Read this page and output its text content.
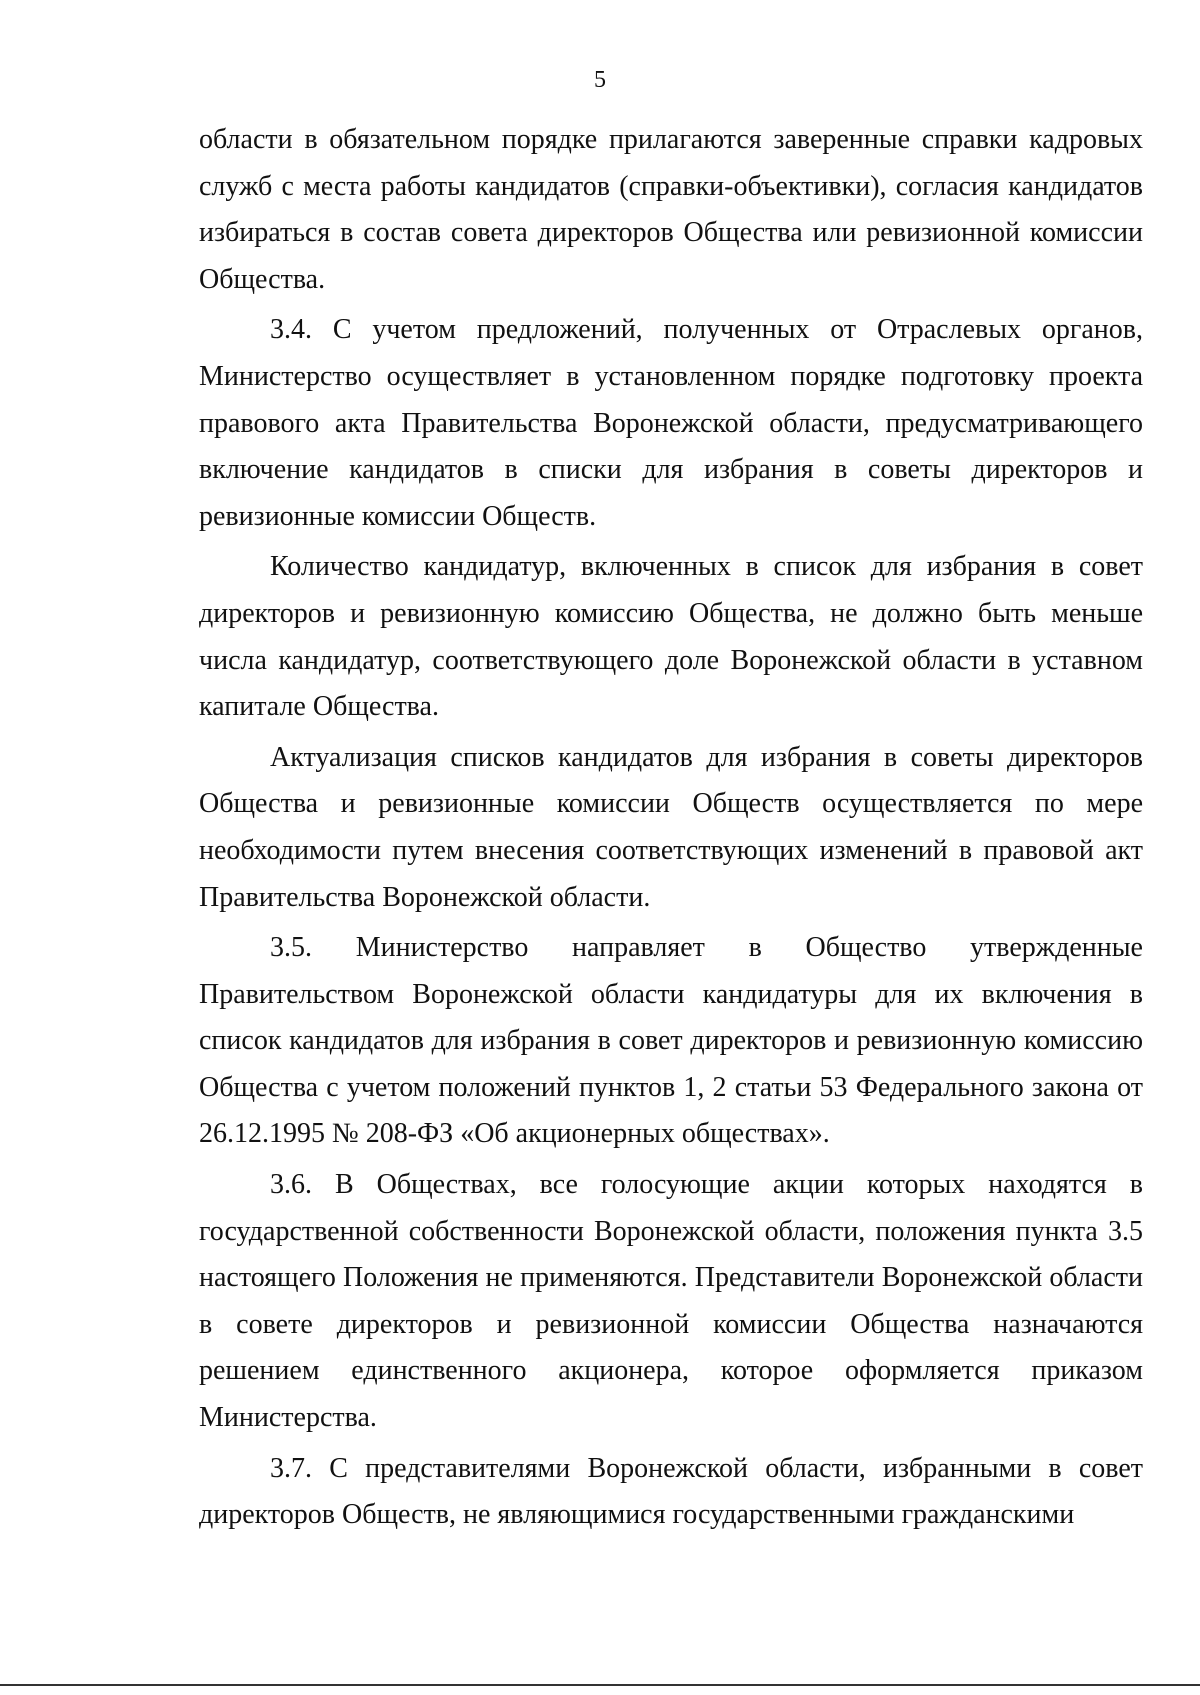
5

области в обязательном порядке прилагаются заверенные справки кадровых служб с места работы кандидатов (справки-объективки), согласия кандидатов избираться в состав совета директоров Общества или ревизионной комиссии Общества.

3.4. С учетом предложений, полученных от Отраслевых органов, Министерство осуществляет в установленном порядке подготовку проекта правового акта Правительства Воронежской области, предусматривающего включение кандидатов в списки для избрания в советы директоров и ревизионные комиссии Обществ.

Количество кандидатур, включенных в список для избрания в совет директоров и ревизионную комиссию Общества, не должно быть меньше числа кандидатур, соответствующего доле Воронежской области в уставном капитале Общества.

Актуализация списков кандидатов для избрания в советы директоров Общества и ревизионные комиссии Обществ осуществляется по мере необходимости путем внесения соответствующих изменений в правовой акт Правительства Воронежской области.

3.5. Министерство направляет в Общество утвержденные Правительством Воронежской области кандидатуры для их включения в список кандидатов для избрания в совет директоров и ревизионную комиссию Общества с учетом положений пунктов 1, 2 статьи 53 Федерального закона от 26.12.1995 № 208-ФЗ «Об акционерных обществах».

3.6. В Обществах, все голосующие акции которых находятся в государственной собственности Воронежской области, положения пункта 3.5 настоящего Положения не применяются. Представители Воронежской области в совете директоров и ревизионной комиссии Общества назначаются решением единственного акционера, которое оформляется приказом Министерства.

3.7. С представителями Воронежской области, избранными в совет директоров Обществ, не являющимися государственными гражданскими
